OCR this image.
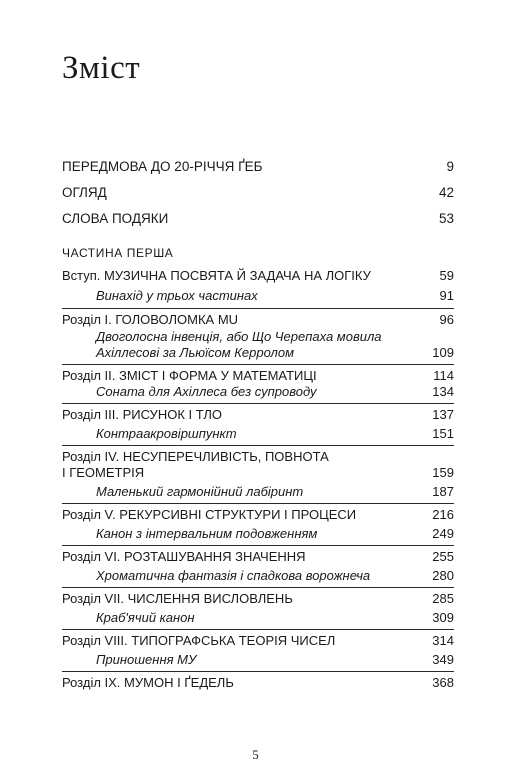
Зміст
ПЕРЕДМОВА ДО 20-РІЧЧЯ ҐЕБ	9
ОГЛЯД	42
СЛОВА ПОДЯКИ	53
ЧАСТИНА ПЕРША
Вступ. МУЗИЧНА ПОСВЯТА Й ЗАДАЧА НА ЛОГІКУ	59
Винахід у трьох частинах	91
Розділ I. ГОЛОВОЛОМКА MU	96
Двоголосна інвенція, або Що Черепаха мовила
Ахіллесові за Льюїсом Керролом	109
Розділ II. ЗМІСТ І ФОРМА У МАТЕМАТИЦІ	114
Соната для Ахіллеса без супроводу	134
Розділ III. РИСУНОК І ТЛО	137
Контраакровіршпункт	151
Розділ IV. НЕСУПЕРЕЧЛИВІСТЬ, ПОВНОТА
І ГЕОМЕТРІЯ	159
Маленький гармонійний лабіринт	187
Розділ V. РЕКУРСИВНІ СТРУКТУРИ І ПРОЦЕСИ	216
Канон з інтервальним подовженням	249
Розділ VI. РОЗТАШУВАННЯ ЗНАЧЕННЯ	255
Хроматична фантазія і спадкова ворожнеча	280
Розділ VII. ЧИСЛЕННЯ ВИСЛОВЛЕНЬ	285
Краб'ячий канон	309
Розділ VIII. ТИПОГРАФСЬКА ТЕОРІЯ ЧИСЕЛ	314
Приношення МУ	349
Розділ IX. МУМОН І ҐЕДЕЛЬ	368
5
